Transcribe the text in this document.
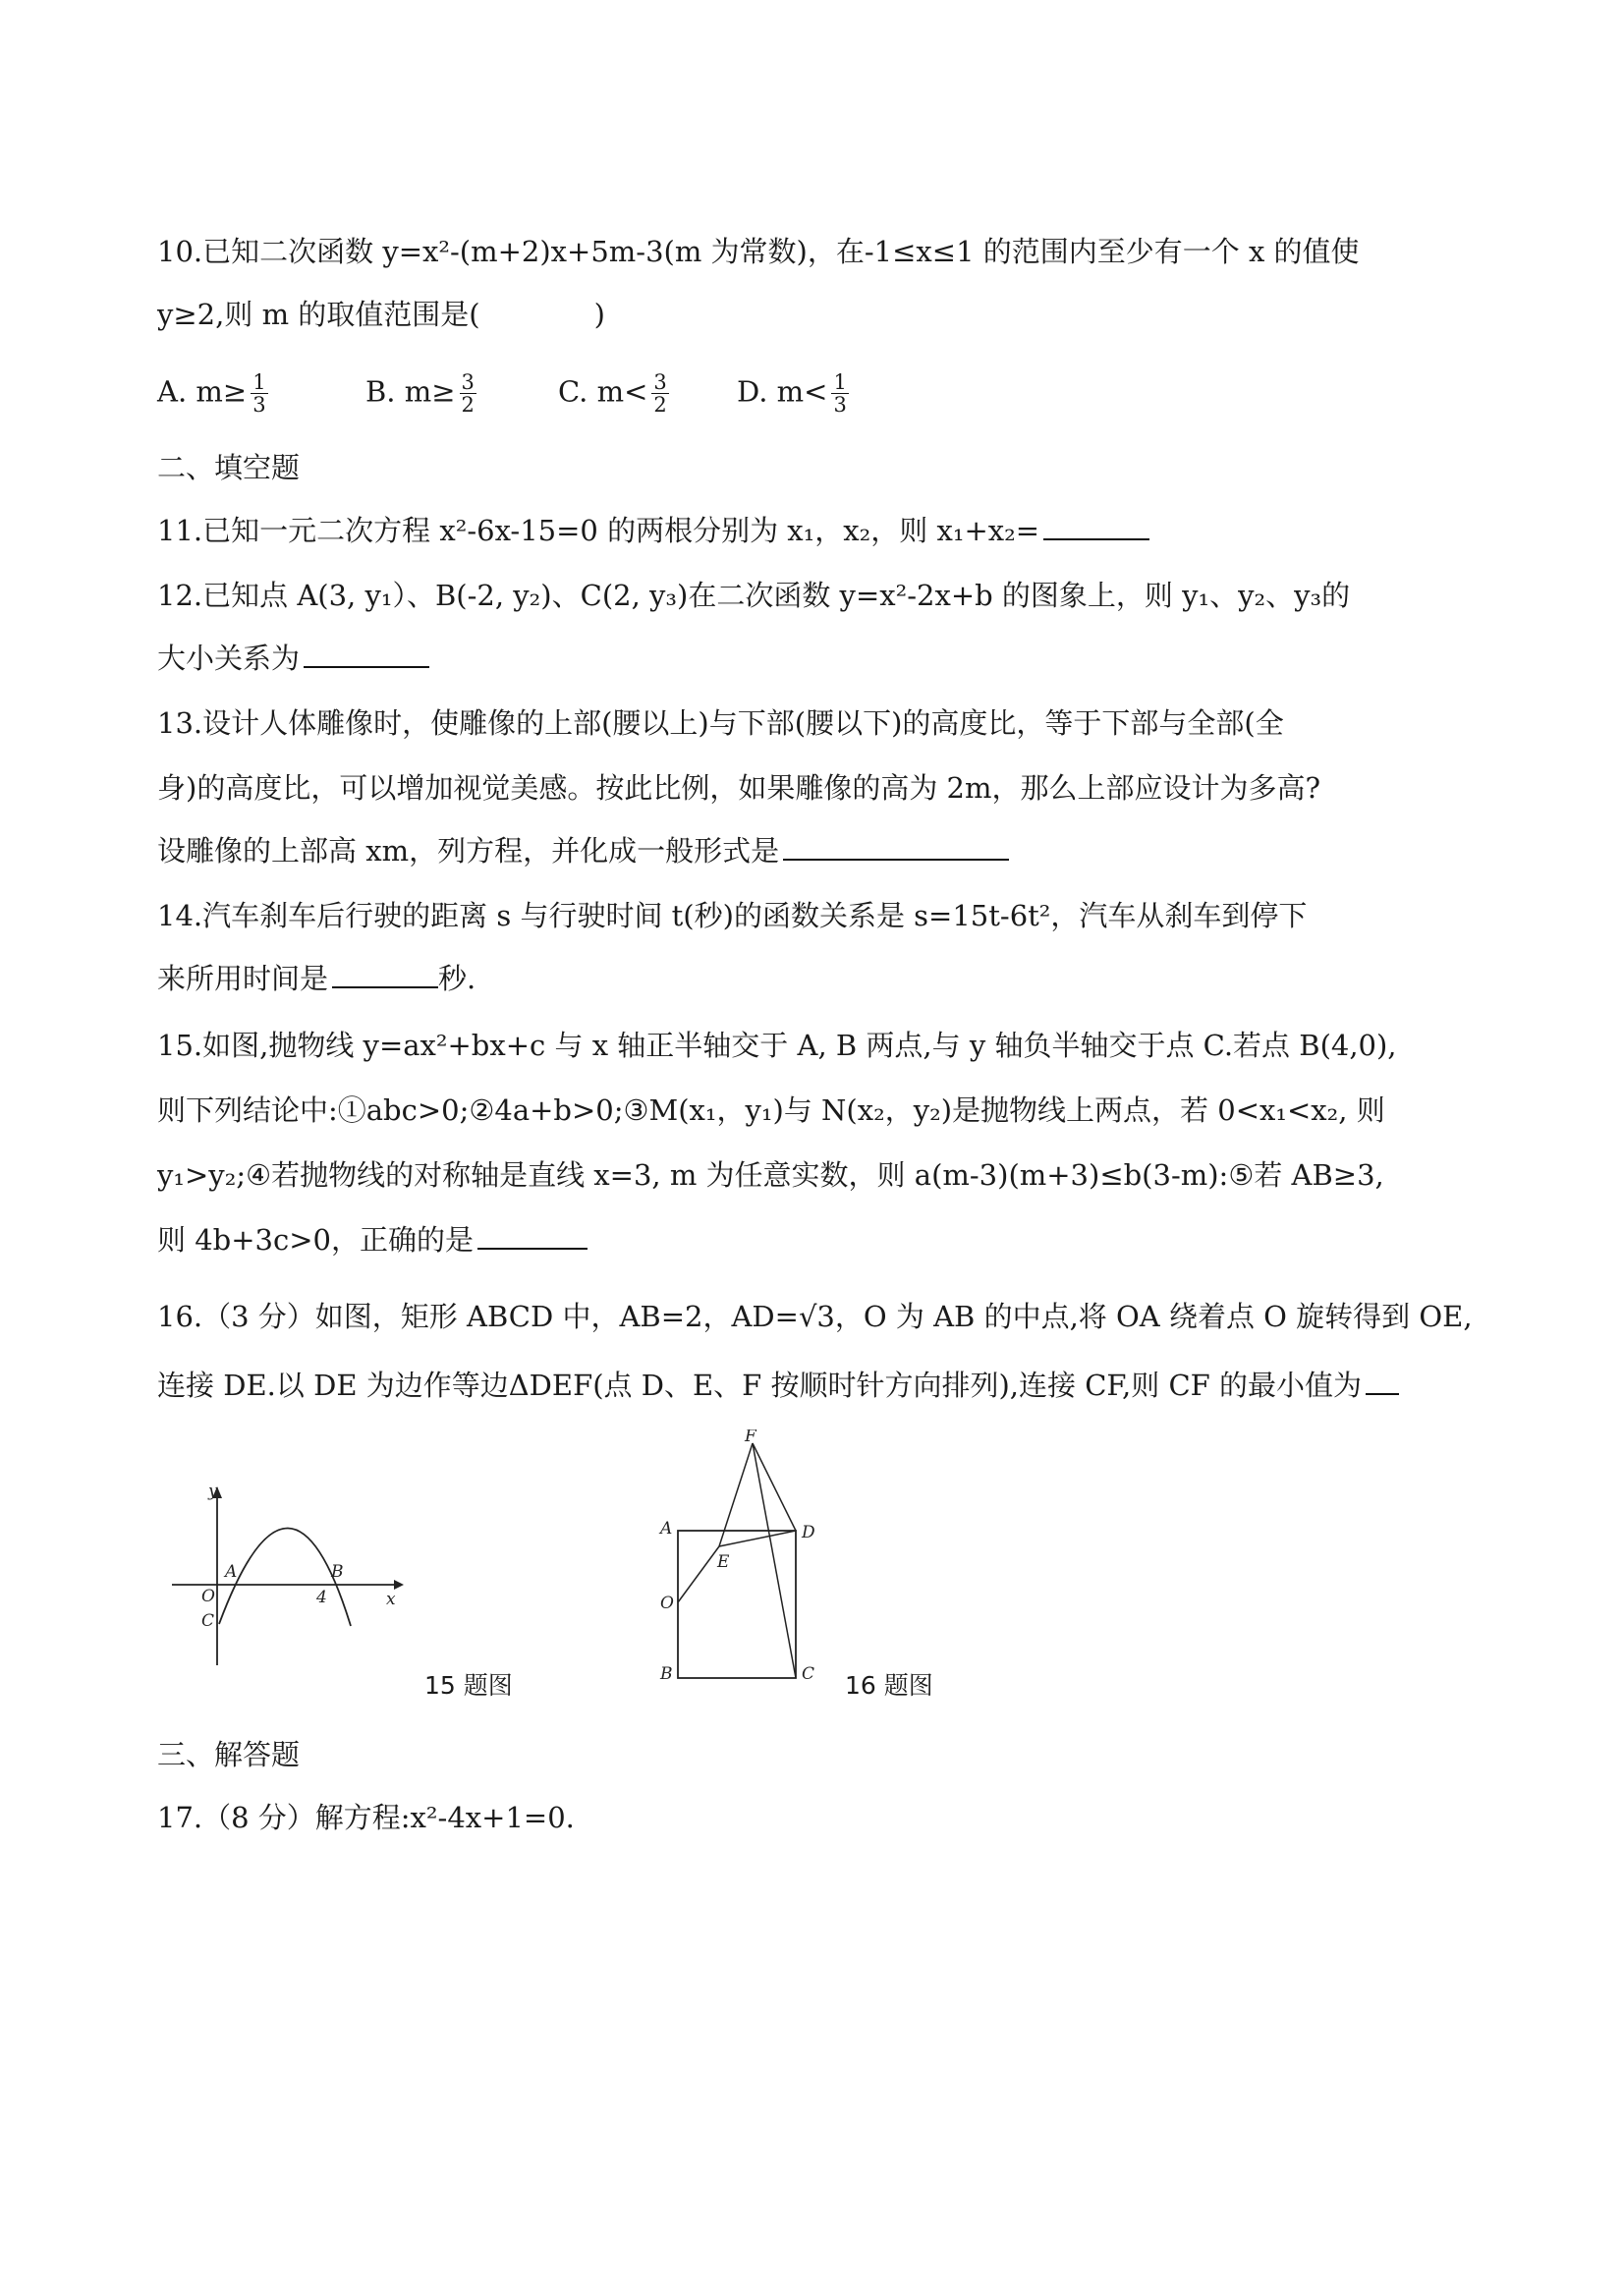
10.已知二次函数 y=x²-(m+2)x+5m-3(m 为常数)，在-1≤x≤1 的范围内至少有一个 x 的值使
y≥2,则 m 的取值范围是(　　　　)
A. $m\ge \frac{1}{3}$	B. $m\ge \frac{3}{2}$	C. $m< \frac{3}{2} D$. $m< \frac{1}{3}$
二、填空题
11.已知一元二次方程 x²-6x-15=0 的两根分别为 x₁，x₂，则 x₁+x₂=
12.已知点 A(3, y₁）、B(-2, y₂)、C(2, y₃)在二次函数 y=x²-2x+b 的图象上，则 y₁、y₂、y₃的
大小关系为
13.设计人体雕像时，使雕像的上部(腰以上)与下部(腰以下)的高度比，等于下部与全部(全
身)的高度比，可以增加视觉美感。按此比例，如果雕像的高为 2m，那么上部应设计为多高?
设雕像的上部高 xm，列方程，并化成一般形式是
14.汽车刹车后行驶的距离 s 与行驶时间 t(秒)的函数关系是 s=15t-6t²，汽车从刹车到停下
来所用时间是	秒.
15.如图,抛物线 y=ax²+bx+c 与 x 轴正半轴交于 A, B 两点,与 y 轴负半轴交于点 C.若点 B(4,0),
则下列结论中:①abc>0;②4a+b>0;③M(x₁，y₁)与 N(x₂，y₂)是抛物线上两点，若 0<x₁<x₂, 则
y₁>y₂;④若抛物线的对称轴是直线 x=3, m 为任意实数，则 a(m-3)(m+3)≤b(3-m):⑤若 AB≥3,
则 4b+3c>0，正确的是
16.（3 分）如图，矩形 ABCD 中，AB=2，AD=√3，O 为 AB 的中点,将 OA 绕着点 O 旋转得到 OE,
连接 DE.以 DE 为边作等边ΔDEF(点 D、E、F 按顺时针方向排列),连接 CF,则 CF 的最小值为
y
x
A	B
O
C
4
15 题图
F
A	D
E
O
B	C 16 题图
三、解答题
17.（8 分）解方程:x²-4x+1=0.
